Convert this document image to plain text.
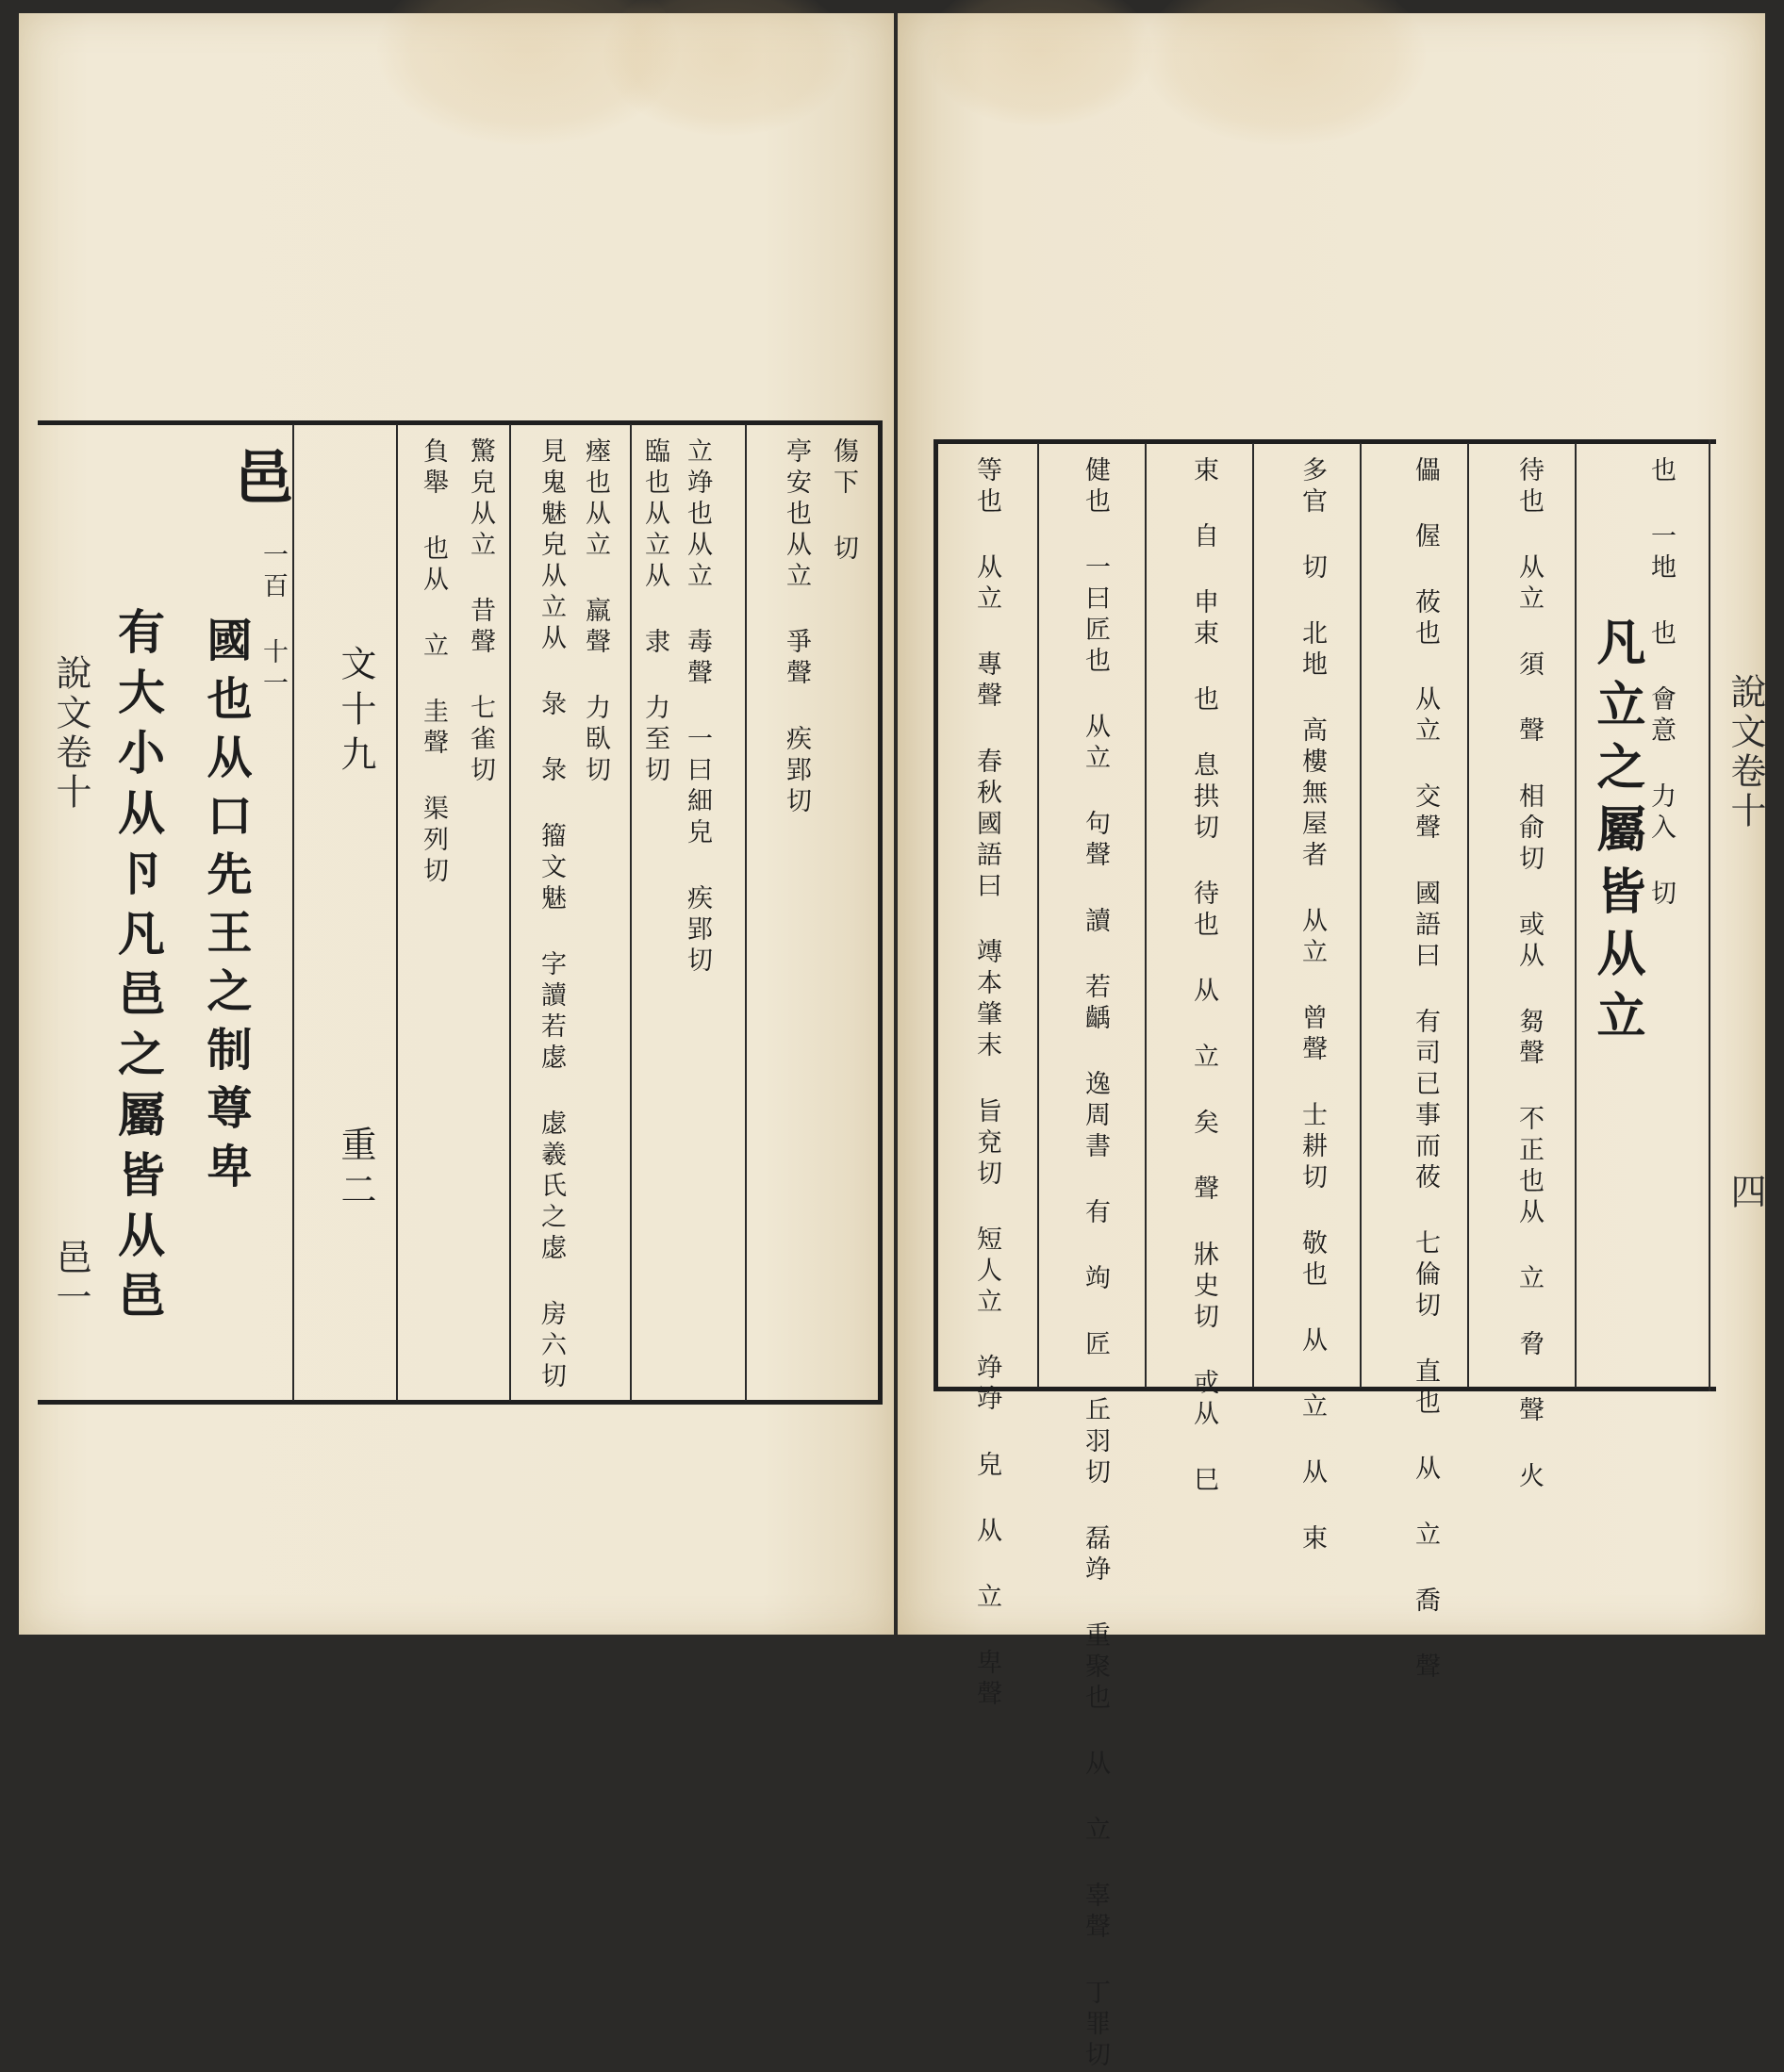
說文卷十
邑一
傷下 切
亭安也从立 爭聲 疾郢切
立竫也从立 毒聲 一曰細皃 疾郢切
臨也从立从 隶 力至切
瘞也从立 羸聲 力臥切
見鬼魅皃从立从 彔 彔 籀文魅 字讀若虙 虙羲氏之虙 房六切
驚皃从立 昔聲 七雀切
負舉 也从 立 圭聲 渠列切
文十九
重二
一百 十一
邑
國也从口先王之制尊卑
有大小从卪凡邑之屬皆从邑	說文卷十
四
也 一地 也 會意 力入 切
凡立之屬皆从立
待也 从立 須 聲 相俞切 或从 芻聲 不正也从 立 脅 聲 火
儡 偓 莜也 从立 交聲 國語曰 有司已事而莜 七倫切 直也 从 立 喬 聲
多官 切 北地 高樓無屋者 从立 曾聲 士耕切 敬也 从 立 从 束
束 自 申束 也 息拱切 待也 从 立 矣 聲 牀史切 或从 巳
健也 一曰匠也 从立 句聲 讀 若齲 逸周書 有 竘 匠 丘羽切 磊竫 重聚也 从 立 辜聲 丁罪切
等也 从立 專聲 春秋國語曰 竱本肇末 旨兗切 短人立 竫竫 皃 从 立 卑聲
